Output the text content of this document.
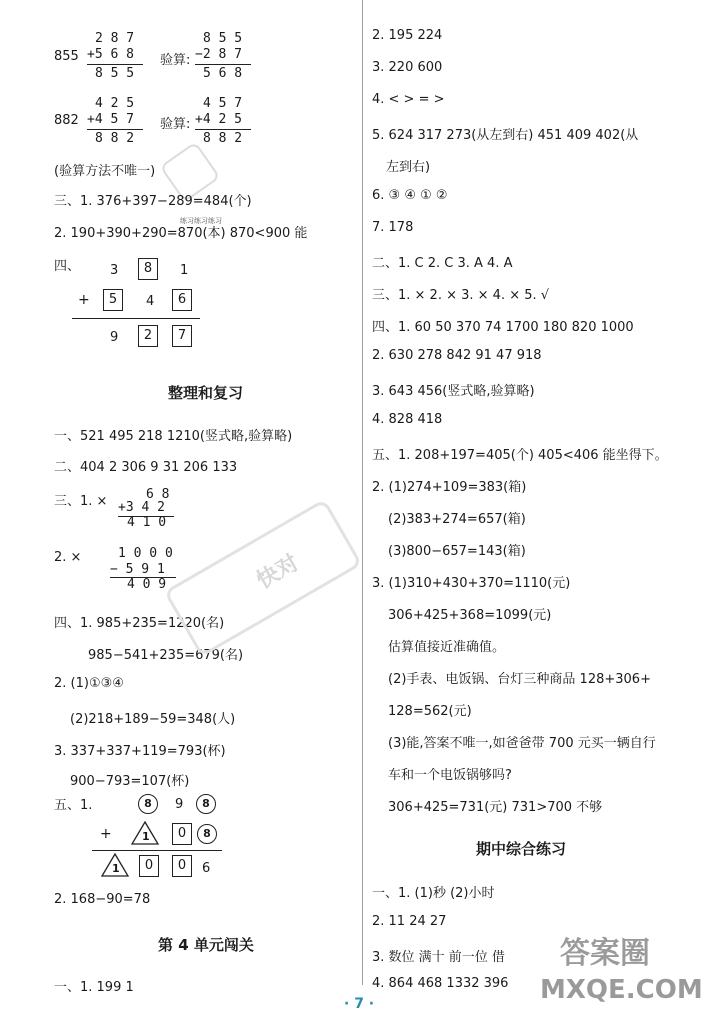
855
2 8 7
+5 6 8
8 5 5
验算:
8 5 5
−2 8 7
5 6 8
882
4 2 5
+4 5 7
8 8 2
验算:
4 5 7
+4 2 5
8 8 2
(验算方法不唯一)
三、1. 376+397−289=484(个)
2. 190+390+290=870(本) 870<900 能
练习练习练习
四、 3	8	1
+	5	4	6
9	2	7
整理和复习
一、521 495 218 1210(竖式略,验算略)
二、404 2 306 9 31 206 133
三、1. ×	6 8
+3 4 2
4 1 0
2. ×	1 0 0 0
− 5 9 1
4 0 9
四、1. 985+235=1220(名)
985−541+235=679(名)
2. (1)①③④
(2)218+189−59=348(人)
3. 337+337+119=793(杯)
900−793=107(杯)
五、1.	8	9	8
+	1	0	8
1	0	0	6
2. 168−90=78
第 4 单元闯关
一、1. 199 1
快对
2. 195 224
3. 220 600
4. < > = >
5. 624 317 273(从左到右) 451 409 402(从
左到右)
6. ③ ④ ① ②
7. 178
二、1. C 2. C 3. A 4. A
三、1. × 2. × 3. × 4. × 5. √
四、1. 60 50 370 74 1700 180 820 1000
2. 630 278 842 91 47 918
3. 643 456(竖式略,验算略)
4. 828 418
五、1. 208+197=405(个) 405<406 能坐得下。
2. (1)274+109=383(箱)
(2)383+274=657(箱)
(3)800−657=143(箱)
3. (1)310+430+370=1110(元)
306+425+368=1099(元)
估算值接近准确值。
(2)手表、电饭锅、台灯三种商品 128+306+
128=562(元)
(3)能,答案不唯一,如爸爸带 700 元买一辆自行
车和一个电饭锅够吗?
306+425=731(元) 731>700 不够
期中综合练习
一、1. (1)秒 (2)小时
2. 11 24 27
3. 数位 满十 前一位 借
4. 864 468 1332 396
答案圈
MXQE.COM
· 7 ·
